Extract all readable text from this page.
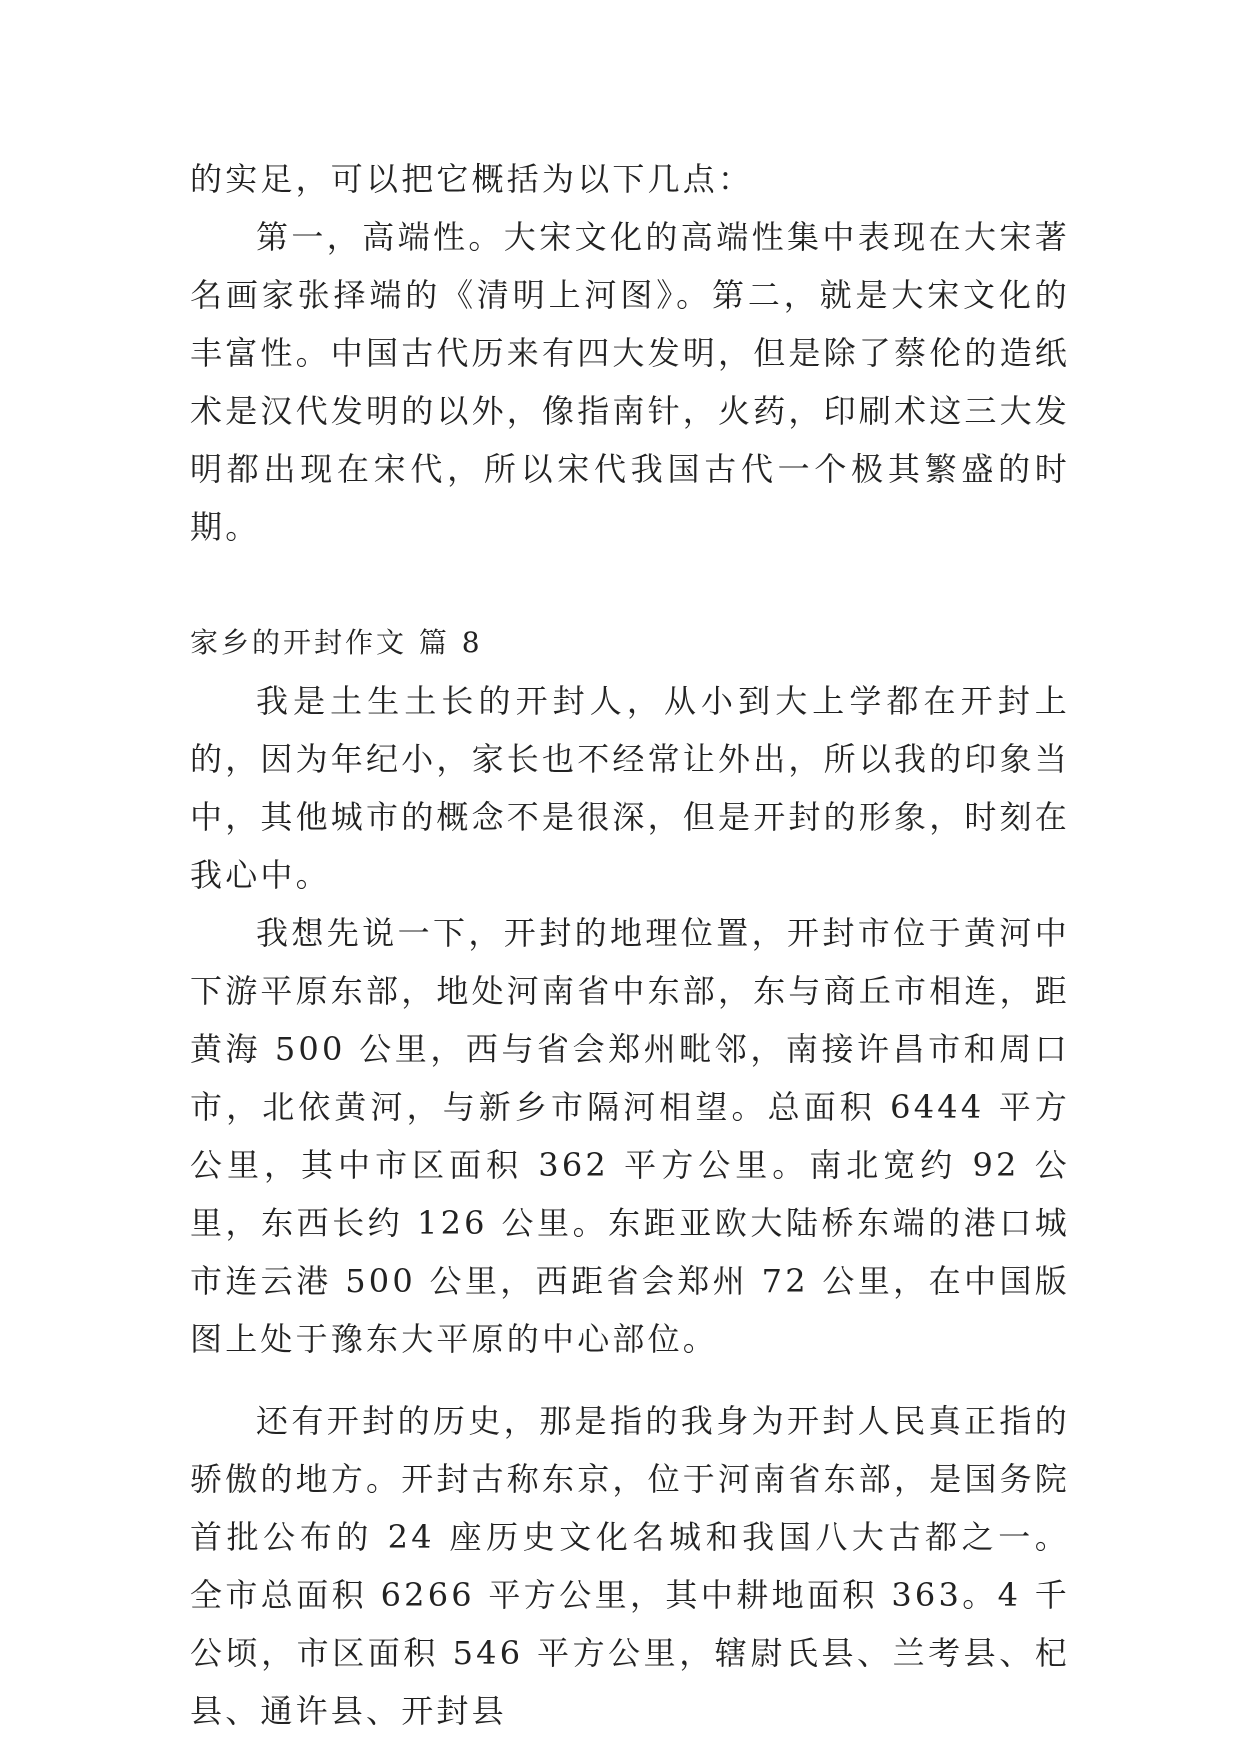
的实足，可以把它概括为以下几点：

第一，高端性。大宋文化的高端性集中表现在大宋著名画家张择端的《清明上河图》。第二，就是大宋文化的丰富性。中国古代历来有四大发明，但是除了蔡伦的造纸术是汉代发明的以外，像指南针，火药，印刷术这三大发明都出现在宋代，所以宋代我国古代一个极其繁盛的时期。

家乡的开封作文 篇 8

我是土生土长的开封人，从小到大上学都在开封上的，因为年纪小，家长也不经常让外出，所以我的印象当中，其他城市的概念不是很深，但是开封的形象，时刻在我心中。

我想先说一下，开封的地理位置，开封市位于黄河中下游平原东部，地处河南省中东部，东与商丘市相连，距黄海 500 公里，西与省会郑州毗邻，南接许昌市和周口市，北依黄河，与新乡市隔河相望。总面积 6444 平方公里，其中市区面积 362 平方公里。南北宽约 92 公里，东西长约 126 公里。东距亚欧大陆桥东端的港口城市连云港 500 公里，西距省会郑州 72 公里，在中国版图上处于豫东大平原的中心部位。

还有开封的历史，那是指的我身为开封人民真正指的骄傲的地方。开封古称东京，位于河南省东部，是国务院首批公布的 24 座历史文化名城和我国八大古都之一。全市总面积 6266 平方公里，其中耕地面积 363。4 千公顷，市区面积 546 平方公里，辖尉氏县、兰考县、杞县、通许县、开封县
